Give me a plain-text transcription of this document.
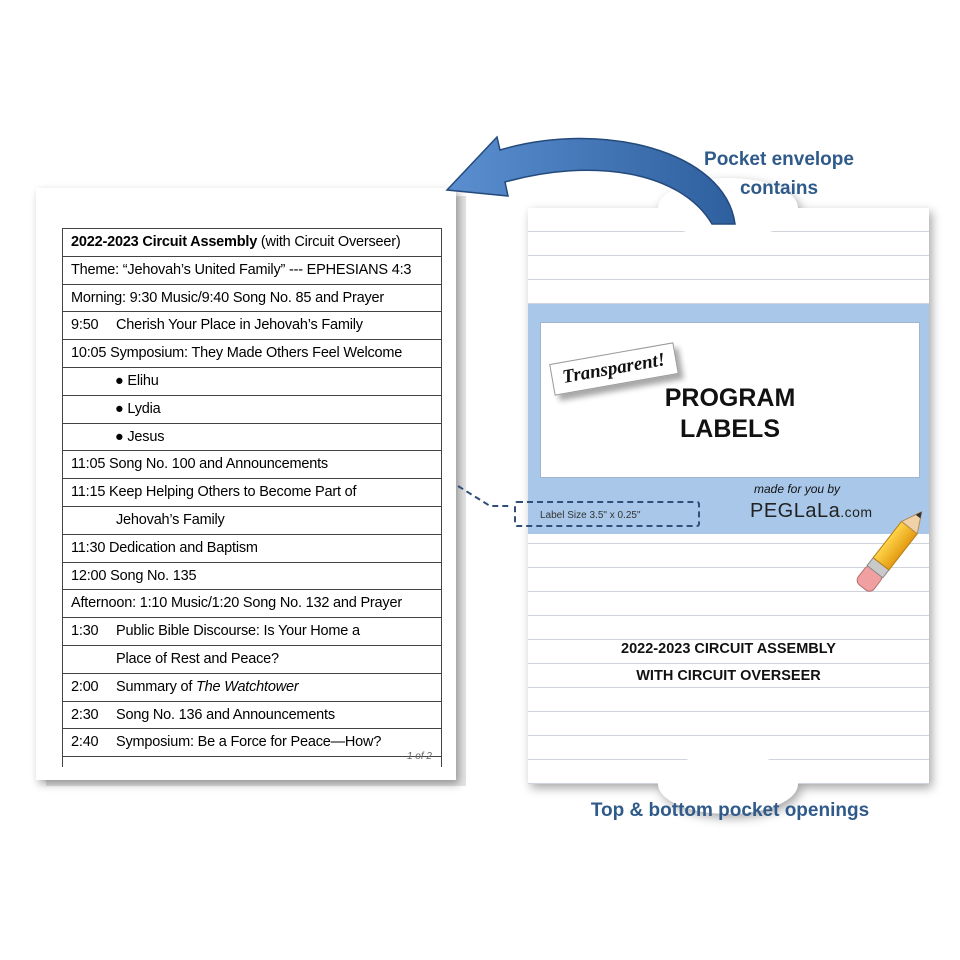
2022-2023 Circuit Assembly (with Circuit Overseer)
Theme: “Jehovah’s United Family” --- EPHESIANS 4:3
Morning: 9:30 Music/9:40 Song No. 85 and Prayer
9:50 Cherish Your Place in Jehovah’s Family
10:05 Symposium: They Made Others Feel Welcome
● Elihu
● Lydia
● Jesus
11:05 Song No. 100 and Announcements
11:15 Keep Helping Others to Become Part of
Jehovah’s Family
11:30 Dedication and Baptism
12:00 Song No. 135
Afternoon: 1:10 Music/1:20 Song No. 132 and Prayer
1:30 Public Bible Discourse: Is Your Home a
Place of Rest and Peace?
2:00 Summary of The Watchtower
2:30 Song No. 136 and Announcements
2:40 Symposium: Be a Force for Peace—How?
1 of 2
PROGRAM
LABELS
Transparent!
made for you by
PEGLaLa.com
2022-2023 CIRCUIT ASSEMBLY
WITH CIRCUIT OVERSEER
Label Size 3.5" x 0.25"
Pocket envelope
contains
Top & bottom pocket openings
